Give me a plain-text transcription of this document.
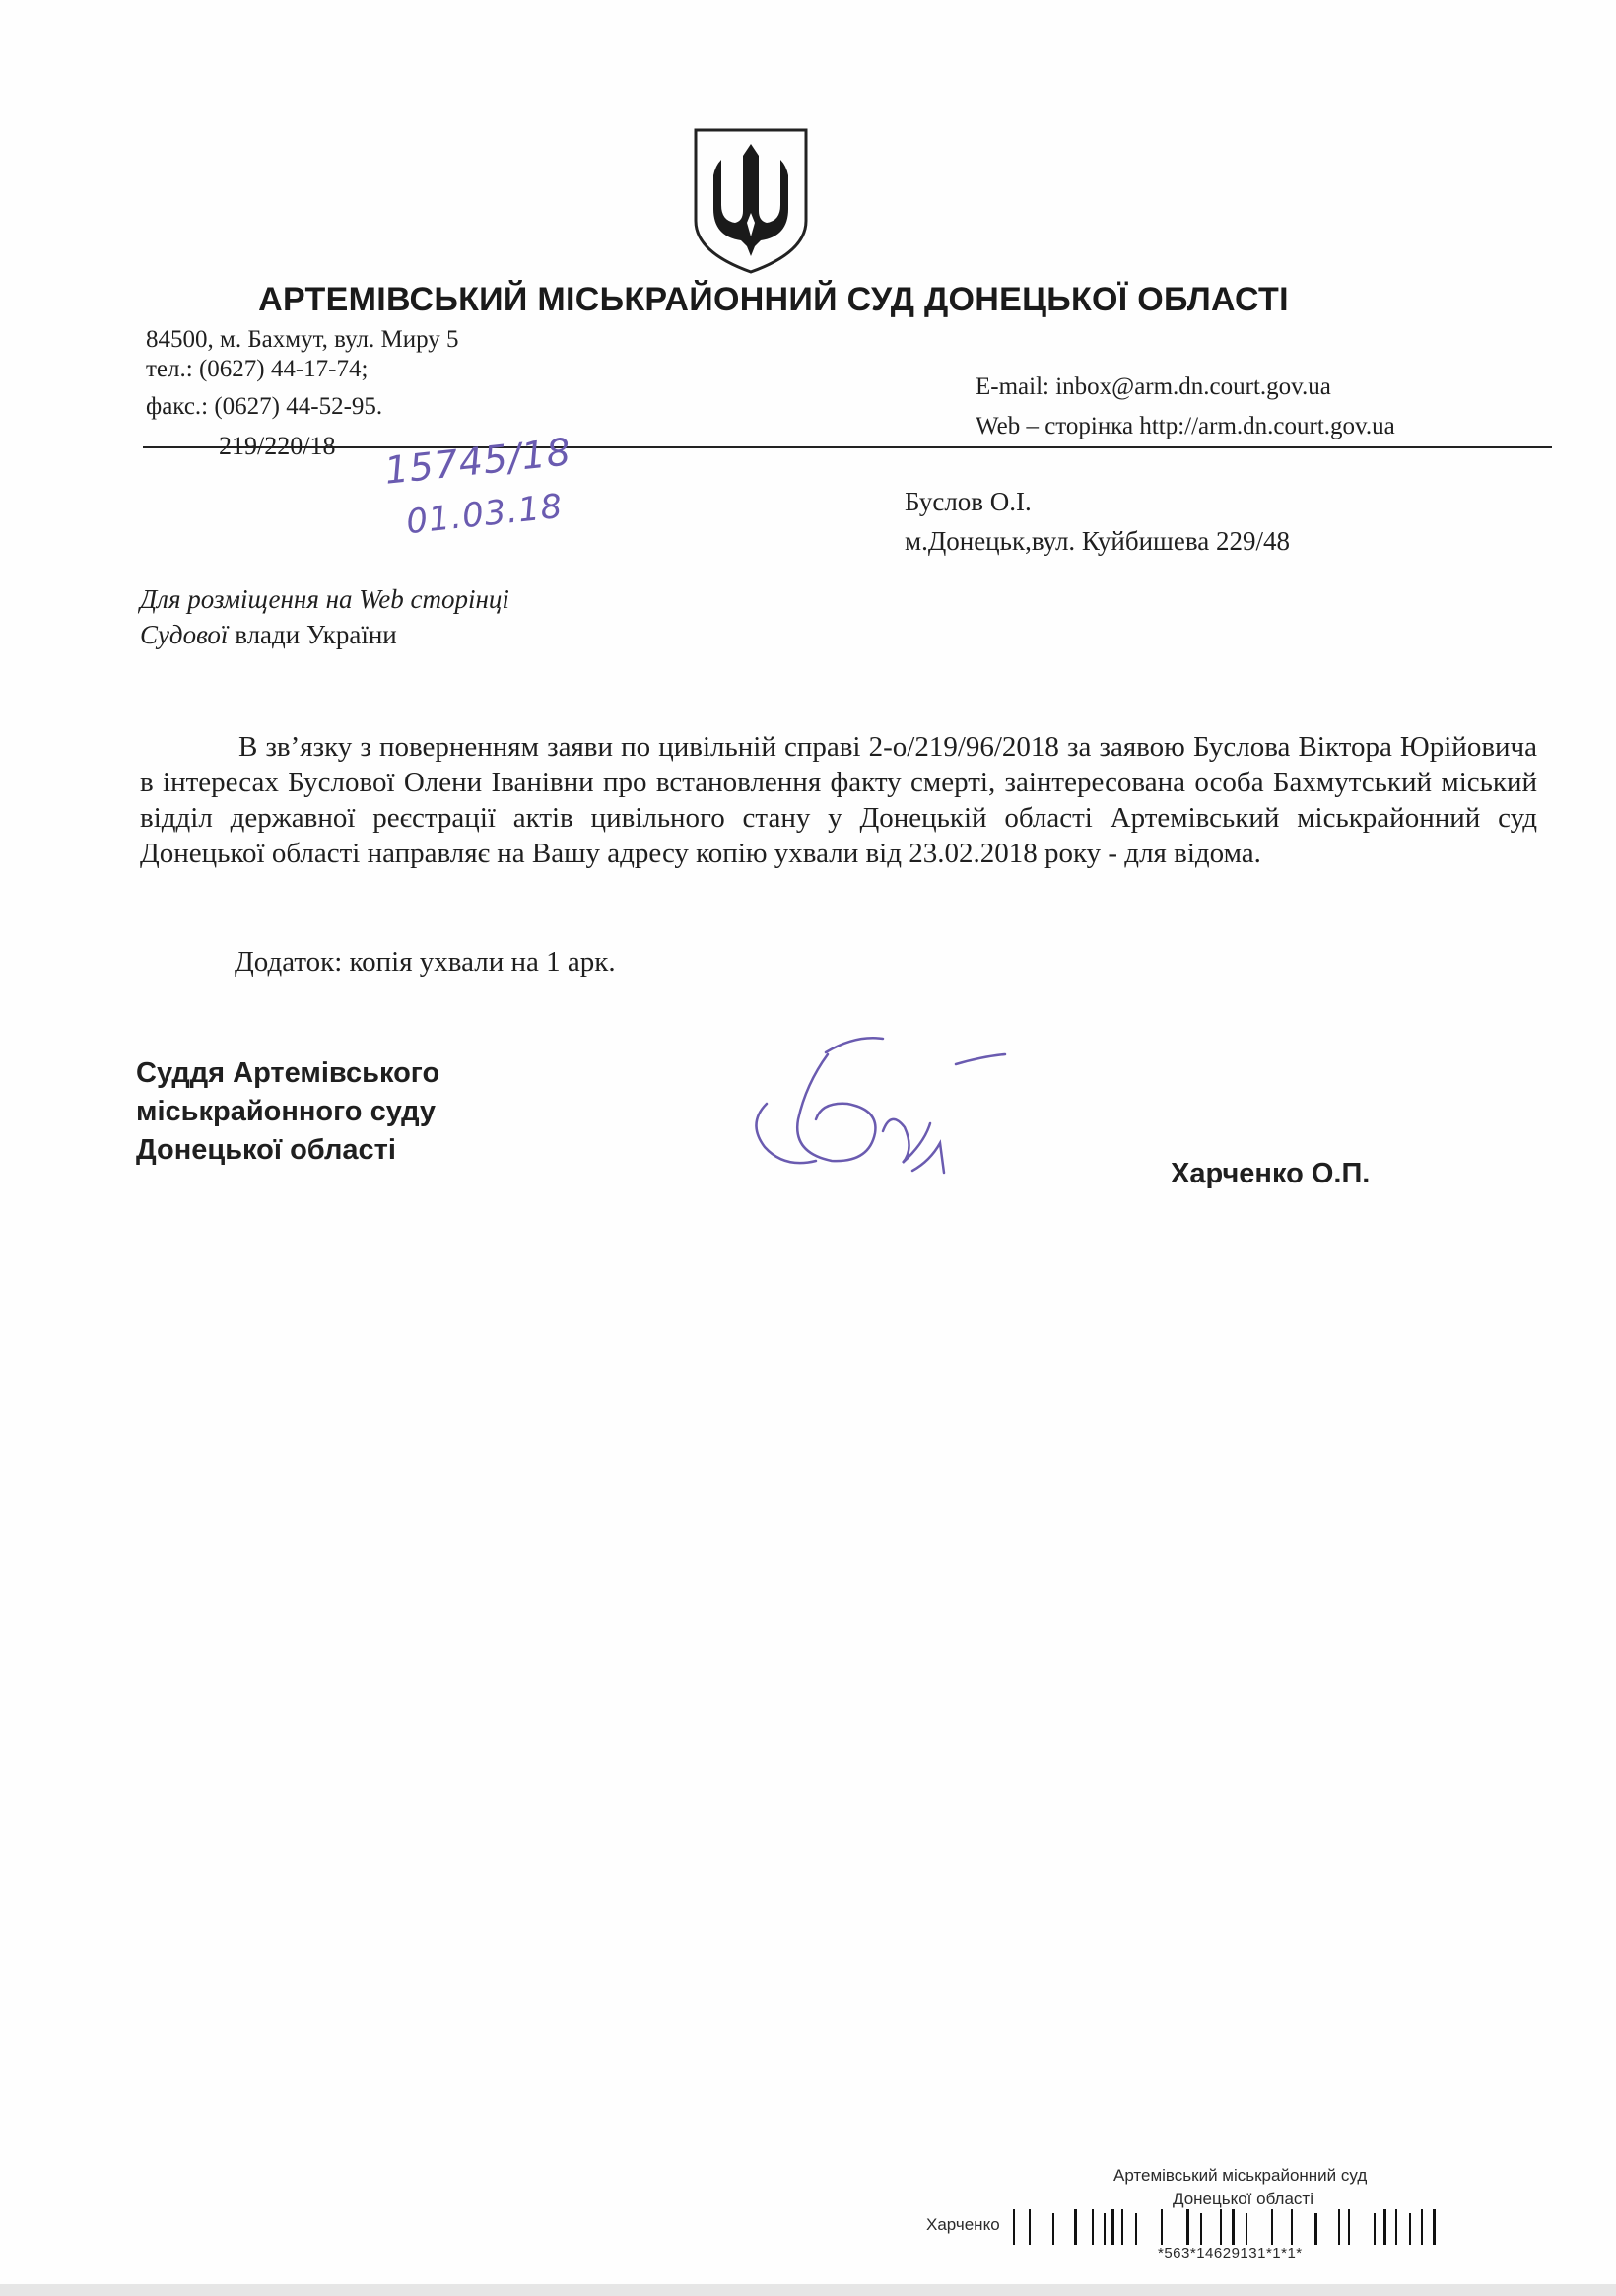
АРТЕМІВСЬКИЙ МІСЬКРАЙОННИЙ СУД ДОНЕЦЬКОЇ ОБЛАСТІ
84500, м. Бахмут, вул. Миру 5
тел.: (0627) 44-17-74;
факс.: (0627) 44-52-95.
E-mail: inbox@arm.dn.court.gov.ua
Web – сторінка http://arm.dn.court.gov.ua
219/220/18 15745/18
01.03.18	Буслов О.І.
м.Донецьк,вул. Куйбишева 229/48
Для розміщення на Web сторінці
Судової влади України
В зв’язку з поверненням заяви по цивільній справі 2-о/219/96/2018 за заявою Буслова Віктора Юрійовича в інтересах Буслової Олени Іванівни про встановлення факту смерті, заінтересована особа Бахмутський міський відділ державної реєстрації актів цивільного стану у Донецькій області Артемівський міськрайонний суд Донецької області направляє на Вашу адресу копію ухвали від 23.02.2018 року - для відома.
Додаток: копія ухвали на 1 арк.
Суддя Артемівського
міськрайонного суду
Донецької області
Харченко О.П.
Артемівський міськрайонний суд
Донецької області
Харченко
*563*14629131*1*1*
